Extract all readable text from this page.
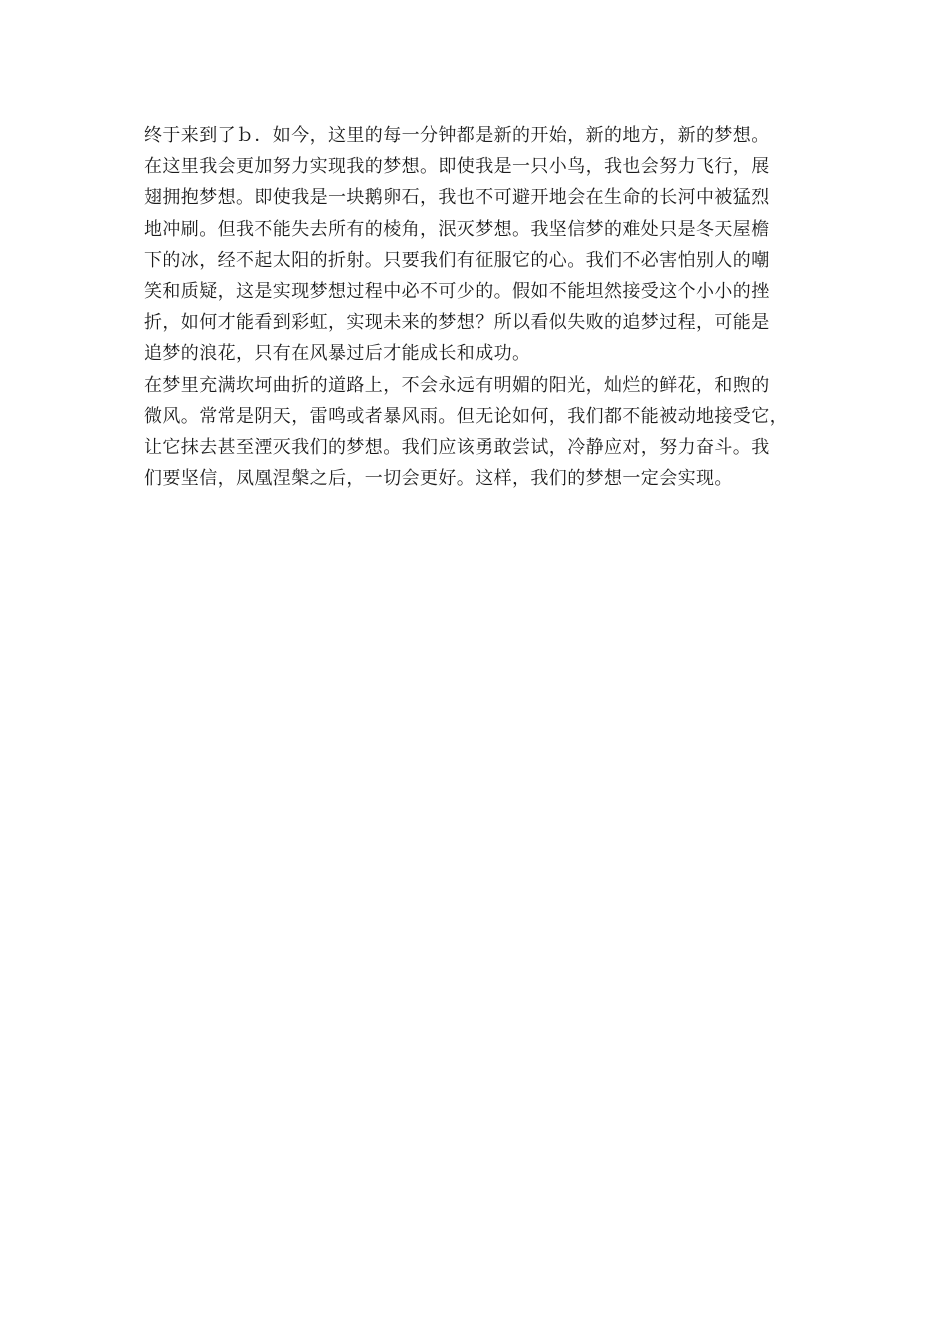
终于来到了ｂ．如今，这里的每一分钟都是新的开始，新的地方，新的梦想。
在这里我会更加努力实现我的梦想。即使我是一只小鸟，我也会努力飞行，展
翅拥抱梦想。即使我是一块鹅卵石，我也不可避开地会在生命的长河中被猛烈
地冲刷。但我不能失去所有的棱角，泯灭梦想。我坚信梦的难处只是冬天屋檐
下的冰，经不起太阳的折射。只要我们有征服它的心。我们不必害怕别人的嘲
笑和质疑，这是实现梦想过程中必不可少的。假如不能坦然接受这个小小的挫
折，如何才能看到彩虹，实现未来的梦想？所以看似失败的追梦过程，可能是
追梦的浪花，只有在风暴过后才能成长和成功。
在梦里充满坎坷曲折的道路上，不会永远有明媚的阳光，灿烂的鲜花，和煦的
微风。常常是阴天，雷鸣或者暴风雨。但无论如何，我们都不能被动地接受它，
让它抹去甚至湮灭我们的梦想。我们应该勇敢尝试，冷静应对，努力奋斗。我
们要坚信，凤凰涅槃之后，一切会更好。这样，我们的梦想一定会实现。
